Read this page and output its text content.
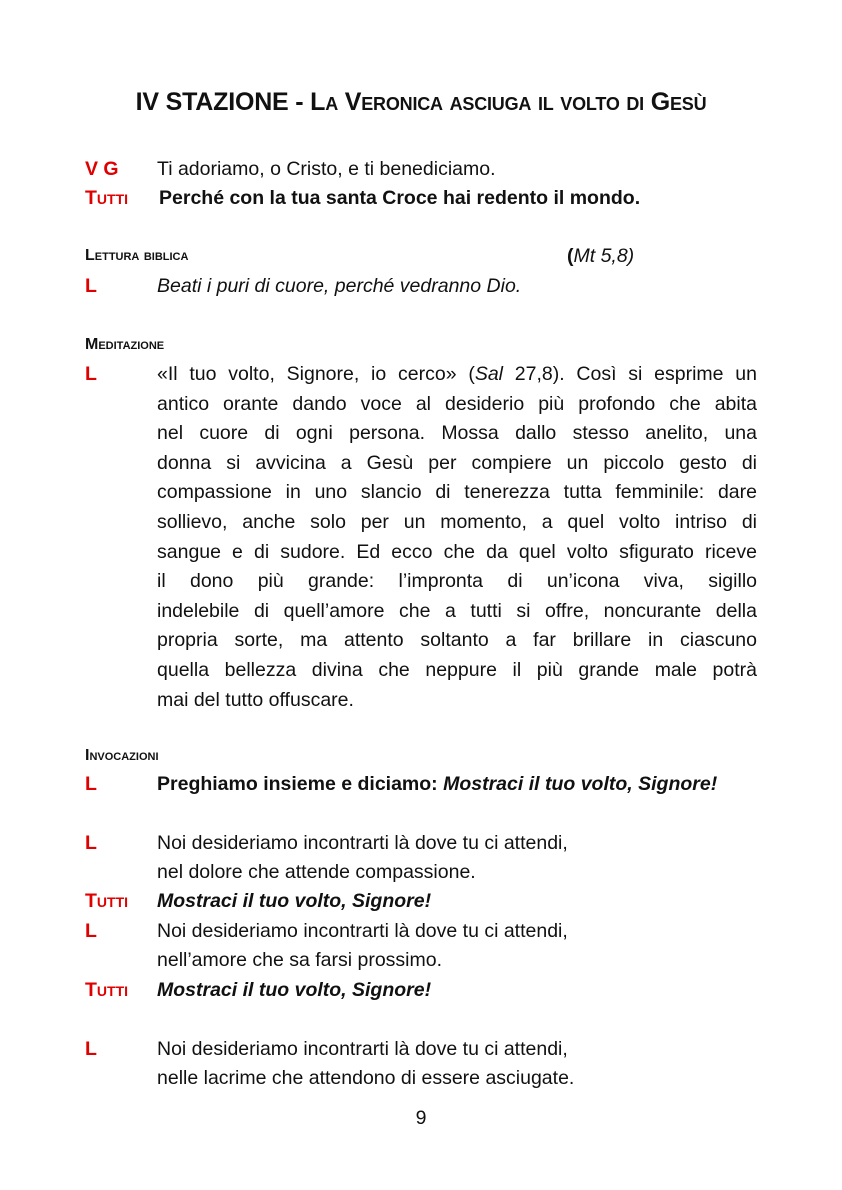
IV STAZIONE - La Veronica asciuga il volto di Gesù
V G Ti adoriamo, o Cristo, e ti benediciamo.
Tutti Perché con la tua santa Croce hai redento il mondo.
Lettura biblica	(Mt 5,8)
L	Beati i puri di cuore, perché vedranno Dio.
Meditazione
L	«Il tuo volto, Signore, io cerco» (Sal 27,8). Così si esprime un
antico orante dando voce al desiderio più profondo che abita
nel cuore di ogni persona. Mossa dallo stesso anelito, una
donna si avvicina a Gesù per compiere un piccolo gesto di
compassione in uno slancio di tenerezza tutta femminile: dare
sollievo, anche solo per un momento, a quel volto intriso di
sangue e di sudore. Ed ecco che da quel volto sfigurato riceve
il dono più grande: l’impronta di un’icona viva, sigillo
indelebile di quell’amore che a tutti si offre, noncurante della
propria sorte, ma attento soltanto a far brillare in ciascuno
quella bellezza divina che neppure il più grande male potrà
mai del tutto offuscare.
Invocazioni
L	Preghiamo insieme e diciamo: Mostraci il tuo volto, Signore!
L	Noi desideriamo incontrarti là dove tu ci attendi,
nel dolore che attende compassione.
Tutti Mostraci il tuo volto, Signore!
L	Noi desideriamo incontrarti là dove tu ci attendi,
nell’amore che sa farsi prossimo.
Tutti Mostraci il tuo volto, Signore!
L	Noi desideriamo incontrarti là dove tu ci attendi,
nelle lacrime che attendono di essere asciugate.
9
